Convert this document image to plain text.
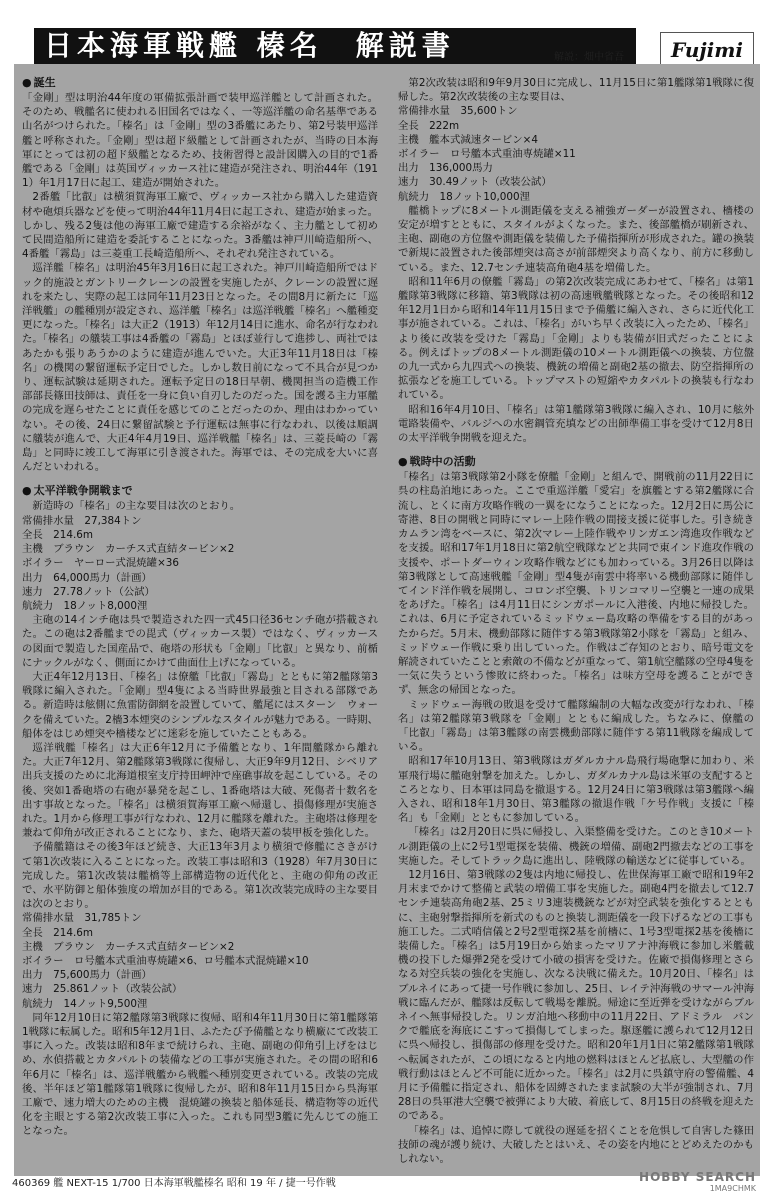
日本海軍戦艦 榛名　解説書	解説：畑中省吾	Fujimi
● 誕生

「金剛」型は明治44年度の軍備拡張計画で装甲巡洋艦として計画された。そのため、戦艦名に使われる旧国名ではなく、一等巡洋艦の命名基準である山名がつけられた。「榛名」は「金剛」型の3番艦にあたり、第2号装甲巡洋艦と呼称された。「金剛」型は超ド級艦として計画されたが、当時の日本海軍にとっては初の超ド級艦となるため、技術習得と設計図購入の目的で1番艦である「金剛」は英国ヴィッカース社に建造が発注され、明治44年（1911）年1月17日に起工、建造が開始された。

2番艦「比叡」は横須賀海軍工廠で、ヴィッカース社から購入した建造資材や砲煩兵器などを使って明治44年11月4日に起工され、建造が始まった。しかし、残る2隻は他の海軍工廠で建造する余裕がなく、主力艦として初めて民間造船所に建造を委託することになった。3番艦は神戸川崎造船所へ、4番艦「霧島」は三菱重工長崎造船所へ、それぞれ発注されている。

巡洋艦「榛名」は明治45年3月16日に起工された。神戸川崎造船所ではドック的施設とガントリークレーンの設置を実施したが、クレーンの設置に遅れを来たし、実際の起工は同年11月23日となった。その間8月に新たに「巡洋戦艦」の艦種別が設定され、巡洋艦「榛名」は巡洋戦艦「榛名」へ艦種変更になった。「榛名」は大正2（1913）年12月14日に進水、命名が行なわれた。「榛名」の艤装工事は4番艦の「霧島」とほぼ並行して進捗し、両社ではあたかも張りあうかのように建造が進んでいた。大正3年11月18日は「榛名」の機関の繋留運転予定日でした。しかし数日前になって不具合が見つかり、運転試験は延期された。運転予定日の18日早朝、機関担当の造機工作部部長篠田技師は、責任を一身に負い自刃したのだった。国を護る主力軍艦の完成を遅らせたことに責任を感じてのことだったのか、理由はわかっていない。その後、24日に繋留試験と予行運転は無事に行なわれ、以後は順調に艤装が進んで、大正4年4月19日、巡洋戦艦「榛名」は、三菱長崎の「霧島」と同時に竣工して海軍に引き渡された。海軍では、その完成を大いに喜んだといわれる。

● 太平洋戦争開戦まで

新造時の「榛名」の主な要目は次のとおり。

常備排水量　27,384トン
全長　214.6m
主機　ブラウン　カーチス式直結タービン×2
ボイラー　ヤーロー式混焼罐×36
出力　64,000馬力（計画）
速力　27.78ノット（公試）
航続力　18ノット8,000浬

主砲の14インチ砲は呉で製造された四一式45口径36センチ砲が搭載された。この砲は2番艦までの毘式（ヴィッカース製）ではなく、ヴィッカースの図面で製造した国産品で、砲塔の形状も「金剛」「比叡」と異なり、前楯にナックルがなく、側面にかけて曲面仕上げになっている。

大正4年12月13日、「榛名」は僚艦「比叡」「霧島」とともに第2艦隊第3戦隊に編入された。「金剛」型4隻による当時世界最強と目される部隊である。新造時は舷側に魚雷防御網を設置していて、艦尾にはスターン　ウォークを備えていた。2檣3本煙突のシンプルなスタイルが魅力である。一時期、船体をはじめ煙突や檣楼などに迷彩を施していたこともある。

巡洋戦艦「榛名」は大正6年12月に予備艦となり、1年間艦隊から離れた。大正7年12月、第2艦隊第3戦隊に復帰し、大正9年9月12日、シベリア出兵支援のために北海道根室支庁持田岬沖で座礁事故を起こしている。その後、突如1番砲塔の右砲が暴発を起こし、1番砲塔は大破、死傷者十数名を出す事故となった。「榛名」は横須賀海軍工廠へ帰還し、損傷修理が実施された。1月から修理工事が行なわれ、12月に艦隊を離れた。主砲塔は修理を兼ねて仰角が改正されることになり、また、砲塔天蓋の装甲板を強化した。

予備艦籍はその後3年ほど続き、大正13年3月より横須で修艦にさきがけて第1次改装に入ることになった。改装工事は昭和3（1928）年7月30日に完成した。第1次改装は艦橋等上部構造物の近代化と、主砲の仰角の改正で、水平防御と船体強度の増加が目的である。第1次改装完成時の主な要目は次のとおり。

常備排水量　31,785トン
全長　214.6m
主機　ブラウン　カーチス式直結タービン×2
ボイラー　ロ号艦本式重油専焼罐×6、ロ号艦本式混焼罐×10
出力　75,600馬力（計画）
速力　25.861ノット（改装公試）
航続力　14ノット9,500浬

同年12月10日に第2艦隊第3戦隊に復帰、昭和4年11月30日に第1艦隊第1戦隊に転属した。昭和5年12月1日、ふたたび予備艦となり横廠にて改装工事に入った。改装は昭和8年まで続けられ、主砲、副砲の仰角引上げをはじめ、水偵搭載とカタパルトの装備などの工事が実施された。その間の昭和6年6月に「榛名」は、巡洋戦艦から戦艦へ種別変更されている。改装の完成後、半年ほど第1艦隊第1戦隊に復帰したが、昭和8年11月15日から呉海軍工廠で、速力増大のための主機　混焼罐の換装と船体延長、構造物等の近代化を主眼とする第2次改装工事に入った。これも同型3艦に先んじての施工となった。

第2次改装は昭和9年9月30日に完成し、11月15日に第1艦隊第1戦隊に復帰した。第2次改装後の主な要目は、

常備排水量　35,600トン
全長　222m
主機　艦本式減速タービン×4
ボイラー　ロ号艦本式重油専焼罐×11
出力　136,000馬力
速力　30.49ノット（改装公試）
航続力　18ノット10,000浬

艦橋トップに8メートル測距儀を支える補強ガーダーが設置され、檣楼の安定が増すとともに、スタイルがよくなった。また、後部艦橋が刷新され、主砲、副砲の方位盤や測距儀を装備した予備指揮所が形成された。罐の換装で新規に設置された後部煙突は高さが前部煙突より高くなり、前方に移動している。また、12.7センチ連装高角砲4基を増備した。

昭和11年6月の僚艦「霧島」の第2次改装完成にあわせて、「榛名」は第1艦隊第3戦隊に移籍、第3戦隊は初の高速戦艦戦隊となった。その後昭和12年12月1日から昭和14年11月15日まで予備艦に編入され、さらに近代化工事が施されている。これは、「榛名」がいち早く改装に入ったため、「榛名」より後に改装を受けた「霧島」「金剛」よりも装備が旧式だったことによる。例えばトップの8メートル測距儀の10メートル測距儀への換装、方位盤の九一式から九四式への換装、機銃の増備と副砲2基の撤去、防空指揮所の拡張などを施工している。トップマストの短縮やカタパルトの換装も行なわれている。

昭和16年4月10日、「榛名」は第1艦隊第3戦隊に編入され、10月に舷外電路装備や、バルジへの水密鋼管充填などの出師準備工事を受けて12月8日の太平洋戦争開戦を迎えた。

● 戦時中の活動

「榛名」は第3戦隊第2小隊を僚艦「金剛」と組んで、開戦前の11月22日に呉の柱島泊地にあった。ここで重巡洋艦「愛宕」を旗艦とする第2艦隊に合流し、とくに南方攻略作戦の一翼をになうことになった。12月2日に馬公に寄港、8日の開戦と同時にマレー上陸作戦の間接支援に従事した。引き続きカムラン湾をベースに、第2次マレー上陸作戦やリンガエン湾進攻作戦などを支援。昭和17年1月18日に第2航空戦隊などと共同で東インド進攻作戦の支援や、ポートダーウィン攻略作戦などにも加わっている。3月26日以降は第3戦隊として高速戦艦「金剛」型4隻が南雲中将率いる機動部隊に随伴してインド洋作戦を展開し、コロンボ空襲、トリンコマリー空襲と一連の成果をあげた。「榛名」は4月11日にシンガポールに入港後、内地に帰投した。これは、6月に予定されているミッドウェー島攻略の準備をする目的があったからだ。5月末、機動部隊に随伴する第3戦隊第2小隊を「霧島」と組み、ミッドウェー作戦に乗り出していった。作戦はご存知のとおり、暗号電文を解読されていたことと索敵の不備などが重なって、第1航空艦隊の空母4隻を一気に失うという惨敗に終わった。「榛名」は味方空母を護ることができず、無念の帰国となった。

ミッドウェー海戦の敗退を受けて艦隊編制の大幅な改変が行なわれ、「榛名」は第2艦隊第3戦隊を「金剛」とともに編成した。ちなみに、僚艦の「比叡」「霧島」は第3艦隊の南雲機動部隊に随伴する第11戦隊を編成している。

昭和17年10月13日、第3戦隊はガダルカナル島飛行場砲撃に加わり、米軍飛行場に艦砲射撃を加えた。しかし、ガダルカナル島は米軍の支配するところとなり、日本軍は同島を撤退する。12月24日に第3戦隊は第3艦隊へ編入され、昭和18年1月30日、第3艦隊の撤退作戦「ケ号作戦」支援に「榛名」も「金剛」とともに参加している。

「榛名」は2月20日に呉に帰投し、入渠整備を受けた。このとき10メートル測距儀の上に2号1型電探を装備、機銃の増備、副砲2門撤去などの工事を実施した。そしてトラック島に進出し、陸戦隊の輸送などに従事している。

12月16日、第3戦隊の2隻は内地に帰投し、佐世保海軍工廠で昭和19年2月末までかけて整備と武装の増備工事を実施した。副砲4門を撤去して12.7センチ連装高角砲2基、25ミリ3連装機銃などが対空武装を強化するとともに、主砲射撃指揮所を新式のものと換装し測距儀を一段下げるなどの工事も施工した。二式哨信儀と2号2型電探2基を前檣に、1号3型電探2基を後檣に装備した。「榛名」は5月19日から始まったマリアナ沖海戦に参加し米艦載機の投下した爆弾2発を受けて小破の損害を受けた。佐廠で損傷修理とさらなる対空兵装の強化を実施し、次なる決戦に備えた。10月20日、「榛名」はブルネイにあって捷一号作戦に参加し、25日、レイテ沖海戦のサマール沖海戦に臨んだが、艦隊は反転して戦場を離脱。帰途に至近弾を受けながらブルネイへ無事帰投した。リンガ泊地へ移動中の11月22日、アドミラル　バンクで艦底を海底にこすって損傷してしまった。駆逐艦に護られて12月12日に呉へ帰投し、損傷部の修理を受けた。昭和20年1月1日に第2艦隊第1戦隊へ転属されたが、この頃になると内地の燃料はほとんど払底し、大型艦の作戦行動はほとんど不可能に近かった。「榛名」は2月に呉鎮守府の警備艦、4月に予備艦に指定され、船体を固縛されたまま試験の大半が強制され、7月28日の呉軍港大空襲で被弾により大破、着底して、8月15日の終戦を迎えたのである。

「榛名」は、追悼に際して就役の遅延を招くことを危惧して自害した篠田技師の魂が護り続け、大破したとはいえ、その姿を内地にとどめえたのかもしれない。

460369 艦 NEXT-15 1/700 日本海軍戦艦榛名 昭和 19 年 / 捷一号作戦	HOBBY SEARCH
1MA9CHMK
